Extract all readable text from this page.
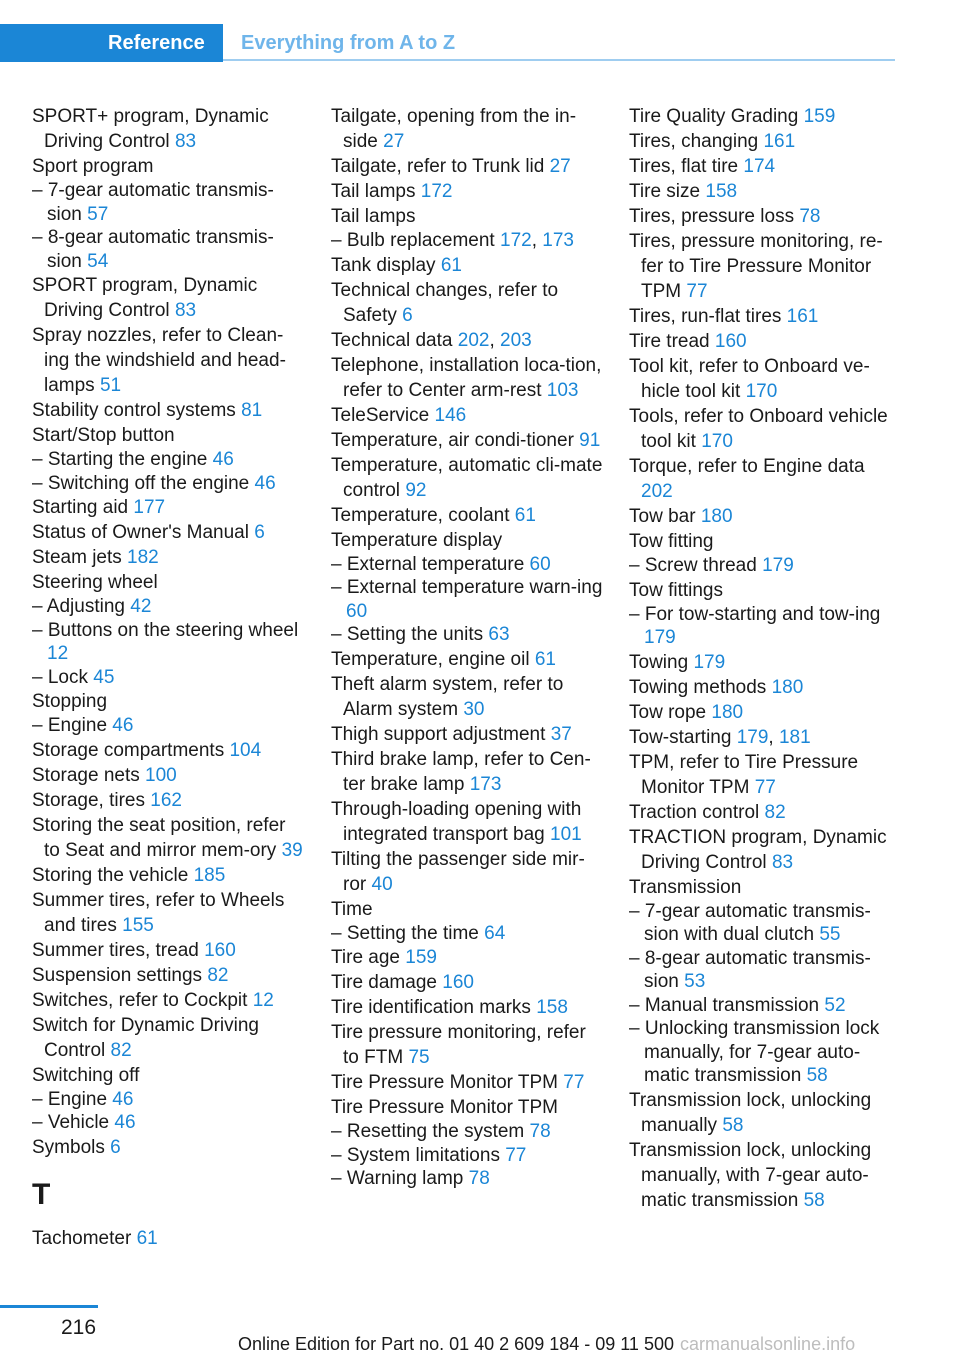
Reference	Everything from A to Z
SPORT+ program, Dynamic Driving Control 83
Sport program
– 7-gear automatic transmis-sion 57
– 8-gear automatic transmis-sion 54
SPORT program, Dynamic Driving Control 83
Spray nozzles, refer to Clean-ing the windshield and head-lamps 51
Stability control systems 81
Start/Stop button
– Starting the engine 46
– Switching off the engine 46
Starting aid 177
Status of Owner's Manual 6
Steam jets 182
Steering wheel
– Adjusting 42
– Buttons on the steering wheel 12
– Lock 45
Stopping
– Engine 46
Storage compartments 104
Storage nets 100
Storage, tires 162
Storing the seat position, refer to Seat and mirror mem-ory 39
Storing the vehicle 185
Summer tires, refer to Wheels and tires 155
Summer tires, tread 160
Suspension settings 82
Switches, refer to Cockpit 12
Switch for Dynamic Driving Control 82
Switching off
– Engine 46
– Vehicle 46
Symbols 6
T
Tachometer 61
Tailgate, opening from the in-side 27
Tailgate, refer to Trunk lid 27
Tail lamps 172
Tail lamps
– Bulb replacement 172, 173
Tank display 61
Technical changes, refer to Safety 6
Technical data 202, 203
Telephone, installation loca-tion, refer to Center arm-rest 103
TeleService 146
Temperature, air condi-tioner 91
Temperature, automatic cli-mate control 92
Temperature, coolant 61
Temperature display
– External temperature 60
– External temperature warn-ing 60
– Setting the units 63
Temperature, engine oil 61
Theft alarm system, refer to Alarm system 30
Thigh support adjustment 37
Third brake lamp, refer to Cen-ter brake lamp 173
Through-loading opening with integrated transport bag 101
Tilting the passenger side mir-ror 40
Time
– Setting the time 64
Tire age 159
Tire damage 160
Tire identification marks 158
Tire pressure monitoring, refer to FTM 75
Tire Pressure Monitor TPM 77
Tire Pressure Monitor TPM
– Resetting the system 78
– System limitations 77
– Warning lamp 78
Tire Quality Grading 159
Tires, changing 161
Tires, flat tire 174
Tire size 158
Tires, pressure loss 78
Tires, pressure monitoring, re-fer to Tire Pressure Monitor TPM 77
Tires, run-flat tires 161
Tire tread 160
Tool kit, refer to Onboard ve-hicle tool kit 170
Tools, refer to Onboard vehicle tool kit 170
Torque, refer to Engine data 202
Tow bar 180
Tow fitting
– Screw thread 179
Tow fittings
– For tow-starting and tow-ing 179
Towing 179
Towing methods 180
Tow rope 180
Tow-starting 179, 181
TPM, refer to Tire Pressure Monitor TPM 77
Traction control 82
TRACTION program, Dynamic Driving Control 83
Transmission
– 7-gear automatic transmis-sion with dual clutch 55
– 8-gear automatic transmis-sion 53
– Manual transmission 52
– Unlocking transmission lock manually, for 7-gear auto-matic transmission 58
Transmission lock, unlocking manually 58
Transmission lock, unlocking manually, with 7-gear auto-matic transmission 58
216
Online Edition for Part no. 01 40 2 609 184 - 09 11 500 carmanualsonline.info
